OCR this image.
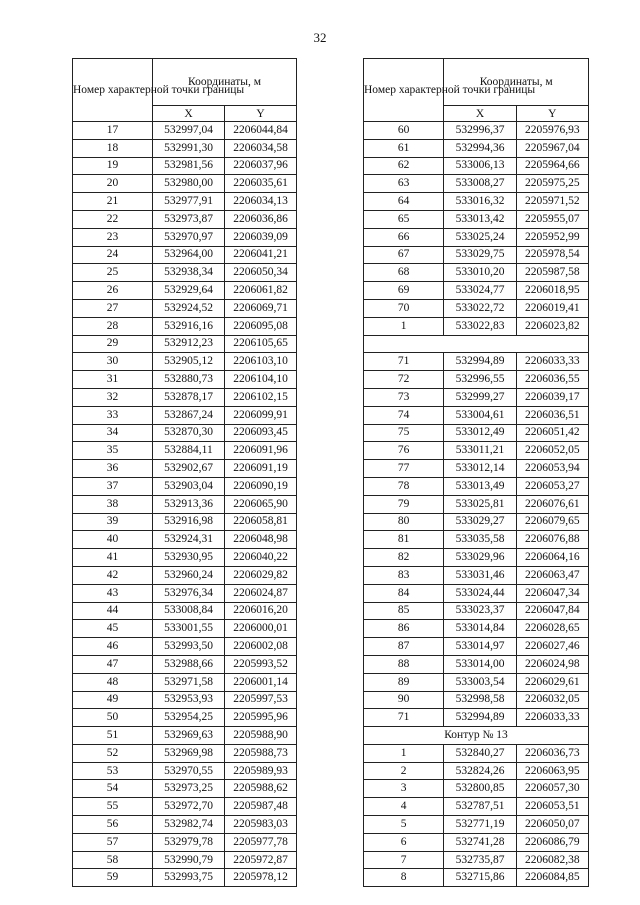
32
Номер характерной точки границы	Координаты, м	
	X	Y
17	532997,04	2206044,84
18	532991,30	2206034,58
19	532981,56	2206037,96
20	532980,00	2206035,61
21	532977,91	2206034,13
22	532973,87	2206036,86
23	532970,97	2206039,09
24	532964,00	2206041,21
25	532938,34	2206050,34
26	532929,64	2206061,82
27	532924,52	2206069,71
28	532916,16	2206095,08
29	532912,23	2206105,65
30	532905,12	2206103,10
31	532880,73	2206104,10
32	532878,17	2206102,15
33	532867,24	2206099,91
34	532870,30	2206093,45
35	532884,11	2206091,96
36	532902,67	2206091,19
37	532903,04	2206090,19
38	532913,36	2206065,90
39	532916,98	2206058,81
40	532924,31	2206048,98
41	532930,95	2206040,22
42	532960,24	2206029,82
43	532976,34	2206024,87
44	533008,84	2206016,20
45	533001,55	2206000,01
46	532993,50	2206002,08
47	532988,66	2205993,52
48	532971,58	2206001,14
49	532953,93	2205997,53
50	532954,25	2205995,96
51	532969,63	2205988,90
52	532969,98	2205988,73
53	532970,55	2205989,93
54	532973,25	2205988,62
55	532972,70	2205987,48
56	532982,74	2205983,03
57	532979,78	2205977,78
58	532990,79	2205972,87
59	532993,75	2205978,12
Номер характерной точки границы	Координаты, м	
	X	Y
60	532996,37	2205976,93
61	532994,36	2205967,04
62	533006,13	2205964,66
63	533008,27	2205975,25
64	533016,32	2205971,52
65	533013,42	2205955,07
66	533025,24	2205952,99
67	533029,75	2205978,54
68	533010,20	2205987,58
69	533024,77	2206018,95
70	533022,72	2206019,41
1	533022,83	2206023,82

71	532994,89	2206033,33
72	532996,55	2206036,55
73	532999,27	2206039,17
74	533004,61	2206036,51
75	533012,49	2206051,42
76	533011,21	2206052,05
77	533012,14	2206053,94
78	533013,49	2206053,27
79	533025,81	2206076,61
80	533029,27	2206079,65
81	533035,58	2206076,88
82	533029,96	2206064,16
83	533031,46	2206063,47
84	533024,44	2206047,34
85	533023,37	2206047,84
86	533014,84	2206028,65
87	533014,97	2206027,46
88	533014,00	2206024,98
89	533003,54	2206029,61
90	532998,58	2206032,05
71	532994,89	2206033,33
Контур № 13		
1	532840,27	2206036,73
2	532824,26	2206063,95
3	532800,85	2206057,30
4	532787,51	2206053,51
5	532771,19	2206050,07
6	532741,28	2206086,79
7	532735,87	2206082,38
8	532715,86	2206084,85
